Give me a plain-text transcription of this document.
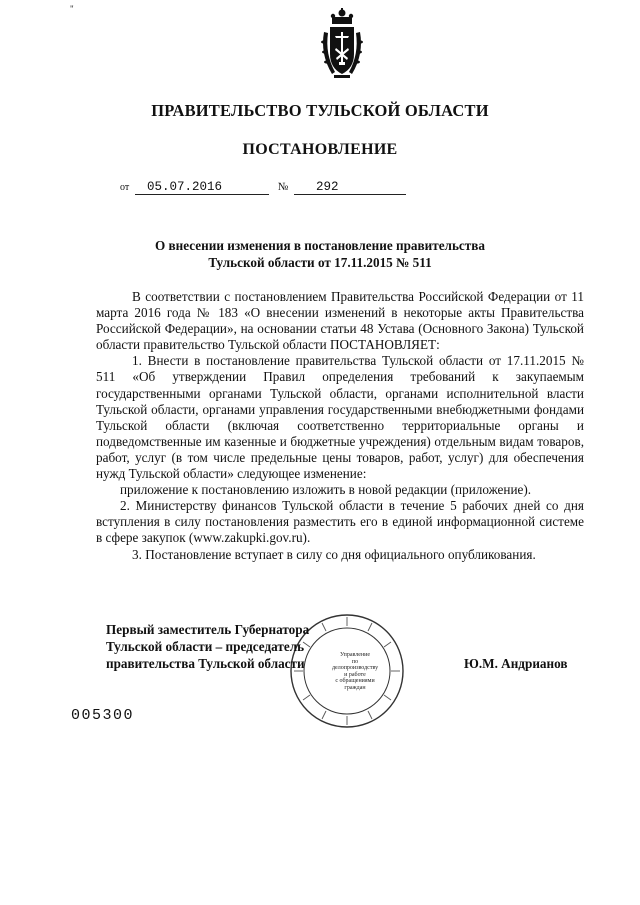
"
ПРАВИТЕЛЬСТВО ТУЛЬСКОЙ ОБЛАСТИ
ПОСТАНОВЛЕНИЕ
от 05.07.2016	№ 292
О внесении изменения в постановление правительства
Тульской области от 17.11.2015 № 511

В соответствии с постановлением Правительства Российской Федерации от 11 марта 2016 года № 183 «О внесении изменений в некоторые акты Правительства Российской Федерации», на основании статьи 48 Устава (Основного Закона) Тульской области правительство Тульской области ПОСТАНОВЛЯЕТ:

1. Внести в постановление правительства Тульской области от 17.11.2015 № 511 «Об утверждении Правил определения требований к закупаемым государственными органами Тульской области, органами исполнительной власти Тульской области, органами управления государственными внебюджетными фондами Тульской области (включая соответственно территориальные органы и подведомственные им казенные и бюджетные учреждения) отдельным видам товаров, работ, услуг (в том числе предельные цены товаров, работ, услуг) для обеспечения нужд Тульской области» следующее изменение:

приложение к постановлению изложить в новой редакции (приложение).

2. Министерству финансов Тульской области в течение 5 рабочих дней со дня вступления в силу постановления разместить его в единой информационной системе в сфере закупок (www.zakupki.gov.ru).

3. Постановление вступает в силу со дня официального опубликования.

Управление
по делопроизводству
и работе
с обращениями
граждан
Первый заместитель Губернатора
Тульской области – председатель
правительства Тульской области	Ю.М. Андрианов
005300
